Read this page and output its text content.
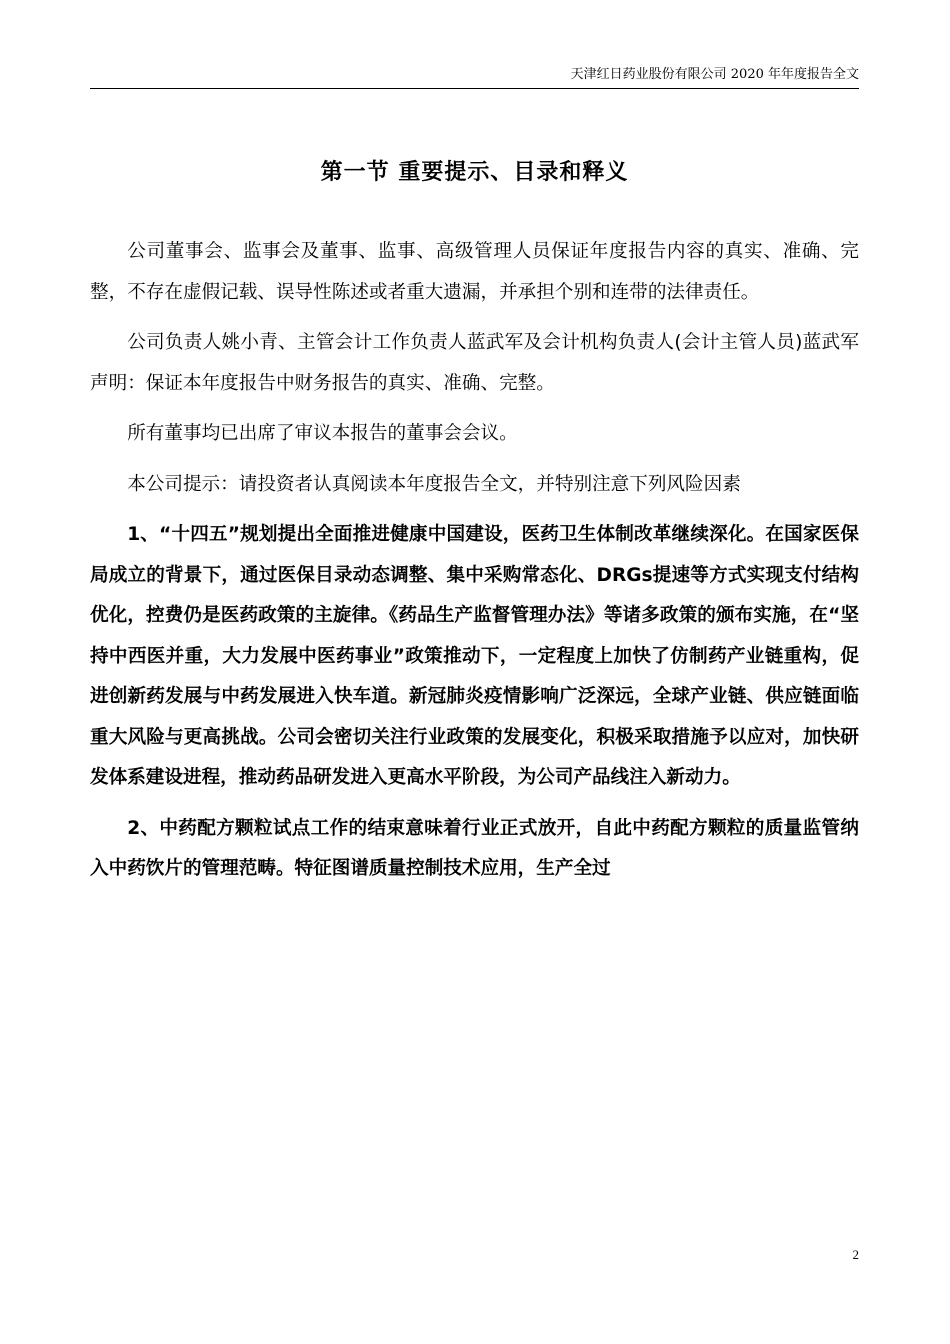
天津红日药业股份有限公司 2020 年年度报告全文
第一节 重要提示、目录和释义

公司董事会、监事会及董事、监事、高级管理人员保证年度报告内容的真实、准确、完整，不存在虚假记载、误导性陈述或者重大遗漏，并承担个别和连带的法律责任。

公司负责人姚小青、主管会计工作负责人蓝武军及会计机构负责人(会计主管人员)蓝武军声明：保证本年度报告中财务报告的真实、准确、完整。

所有董事均已出席了审议本报告的董事会会议。

本公司提示：请投资者认真阅读本年度报告全文，并特别注意下列风险因素

1、“十四五”规划提出全面推进健康中国建设，医药卫生体制改革继续深化。在国家医保局成立的背景下，通过医保目录动态调整、集中采购常态化、DRGs提速等方式实现支付结构优化，控费仍是医药政策的主旋律。《药品生产监督管理办法》等诸多政策的颁布实施，在“坚持中西医并重，大力发展中医药事业”政策推动下，一定程度上加快了仿制药产业链重构，促进创新药发展与中药发展进入快车道。新冠肺炎疫情影响广泛深远，全球产业链、供应链面临重大风险与更高挑战。公司会密切关注行业政策的发展变化，积极采取措施予以应对，加快研发体系建设进程，推动药品研发进入更高水平阶段，为公司产品线注入新动力。

2、中药配方颗粒试点工作的结束意味着行业正式放开，自此中药配方颗粒的质量监管纳入中药饮片的管理范畴。特征图谱质量控制技术应用，生产全过

2
